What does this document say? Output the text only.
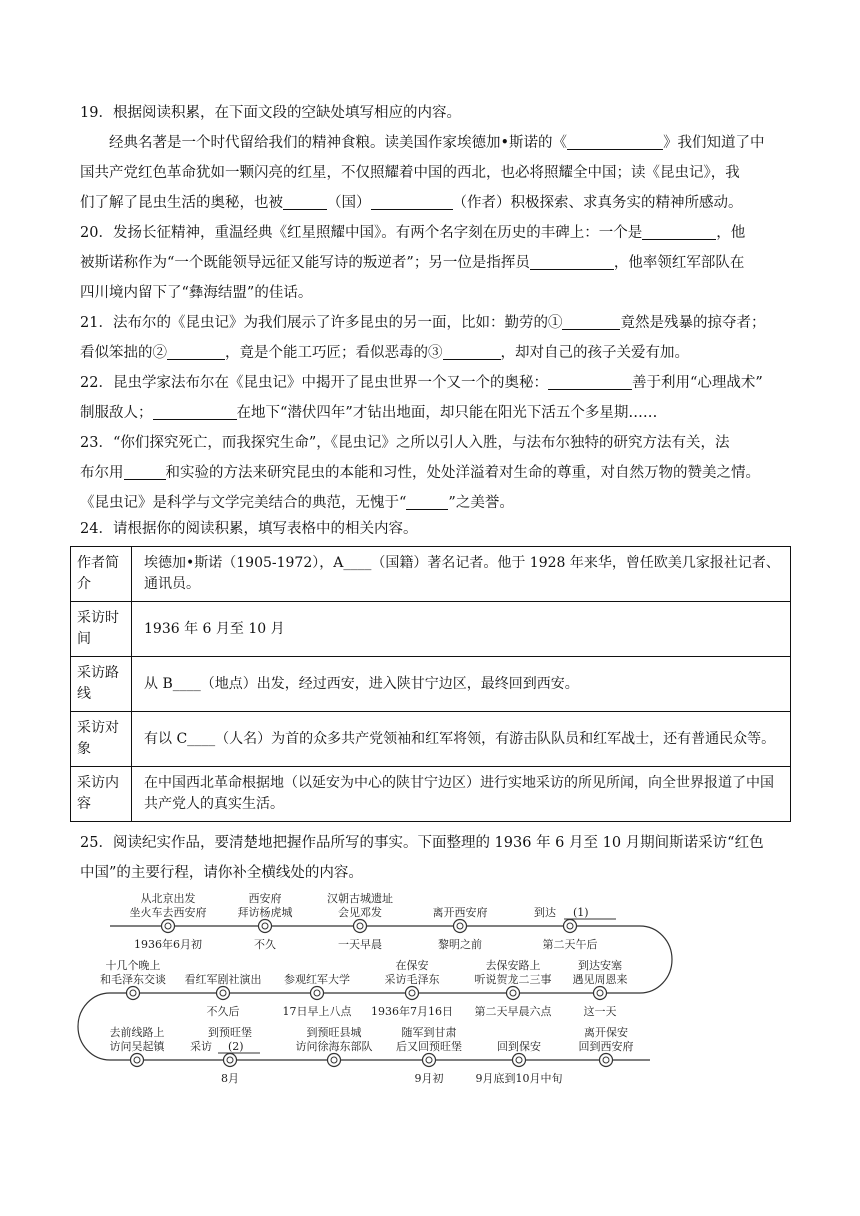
19．根据阅读积累，在下面文段的空缺处填写相应的内容。

经典名著是一个时代留给我们的精神食粮。读美国作家埃德加•斯诺的《	》我们知道了中

国共产党红色革命犹如一颗闪亮的红星，不仅照耀着中国的西北，也必将照耀全中国；读《昆虫记》，我

们了解了昆虫生活的奥秘，也被	（国）	（作者）积极探索、求真务实的精神所感动。

20．发扬长征精神，重温经典《红星照耀中国》。有两个名字刻在历史的丰碑上：一个是	，他

被斯诺称作为“一个既能领导远征又能写诗的叛逆者”；另一位是指挥员	，他率领红军部队在

四川境内留下了“彝海结盟”的佳话。

21．法布尔的《昆虫记》为我们展示了许多昆虫的另一面，比如：勤劳的①	竟然是残暴的掠夺者；

看似笨拙的②	，竟是个能工巧匠；看似恶毒的③	，却对自己的孩子关爱有加。

22．昆虫学家法布尔在《昆虫记》中揭开了昆虫世界一个又一个的奥秘：	善于利用“心理战术”

制服敌人；	在地下“潜伏四年”才钻出地面，却只能在阳光下活五个多星期……

23．“你们探究死亡，而我探究生命”，《昆虫记》之所以引人入胜，与法布尔独特的研究方法有关，法

布尔用	和实验的方法来研究昆虫的本能和习性，处处洋溢着对生命的尊重，对自然万物的赞美之情。

《昆虫记》是科学与文学完美结合的典范，无愧于“	”之美誉。

24．请根据你的阅读积累，填写表格中的相关内容。

作者简介	埃德加•斯诺（1905-1972），A____（国籍）著名记者。他于 1928 年来华，曾任欧美几家报社记者、通讯员。
采访时间	1936 年 6 月至 10 月
采访路线	从 B____（地点）出发，经过西安，进入陕甘宁边区，最终回到西安。
采访对象	有以 C____（人名）为首的众多共产党领袖和红军将领，有游击队队员和红军战士，还有普通民众等。
采访内容	在中国西北革命根据地（以延安为中心的陕甘宁边区）进行实地采访的所见所闻，向全世界报道了中国共产党人的真实生活。

25．阅读纪实作品，要清楚地把握作品所写的事实。下面整理的 1936 年 6 月至 10 月期间斯诺采访“红色

中国”的主要行程，请你补全横线处的内容。

从北京出发
坐火车去西安府
1936年6月初
西安府
拜访杨虎城
不久
汉朝古城遗址
会见邓发
一天早晨
离开西安府
黎明之前
到达 (1)
第二天午后
十几个晚上
和毛泽东交谈 看红军剧社演出
不久后
参观红军大学
17日早上八点
在保安
采访毛泽东
1936年7月16日
去保安路上
听说贺龙二三事
第二天早晨六点
到达安塞
遇见周恩来
这一天
去前线路上
访问吴起镇
到预旺堡
采访 (2)
8月
到预旺县城
访问徐海东部队
随军到甘肃
后又回预旺堡
9月初
回到保安
9月底到10月中旬
离开保安
回到西安府
